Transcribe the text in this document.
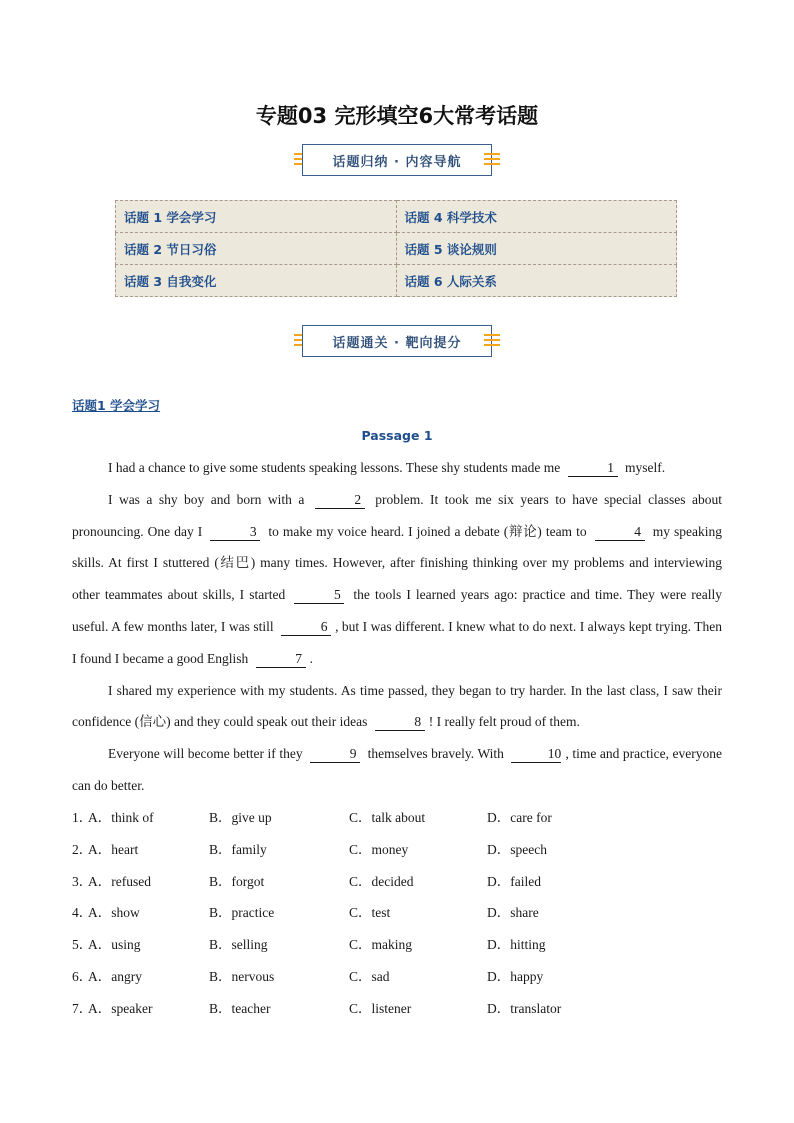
专题03 完形填空6大常考话题
话题归纳 · 内容导航
话题 1 学会学习	话题 4 科学技术
话题 2 节日习俗	话题 5 谈论规则
话题 3 自我变化	话题 6 人际关系
话题通关 · 靶向提分
话题1 学会学习
Passage 1

I had a chance to give some students speaking lessons. These shy students made me	1 myself.

I was a shy boy and born with a	2 problem. It took me six years to have special classes about pronouncing. One day I	3 to make my voice heard. I joined a debate (辩论) team to	4 my speaking skills. At first I stuttered (结巴) many times. However, after finishing thinking over my problems and interviewing other teammates about skills, I started	5 the tools I learned years ago: practice and time. They were really useful. A few months later, I was still	6 , but I was different. I knew what to do next. I always kept trying. Then I found I became a good English	7 .

I shared my experience with my students. As time passed, they began to try harder. In the last class, I saw their confidence (信心) and they could speak out their ideas	8 ! I really felt proud of them.

Everyone will become better if they	9 themselves bravely. With	10 , time and practice, everyone can do better.

1．
A．think of	B．give up	C．talk about	D．care for
2．
A．heart	B．family	C．money	D．speech
3．
A．refused	B．forgot	C．decided	D．failed
4．
A．show	B．practice	C．test	D．share
5．
A．using	B．selling	C．making	D．hitting
6．
A．angry	B．nervous	C．sad	D．happy
7．
A．speaker	B．teacher	C．listener	D．translator
